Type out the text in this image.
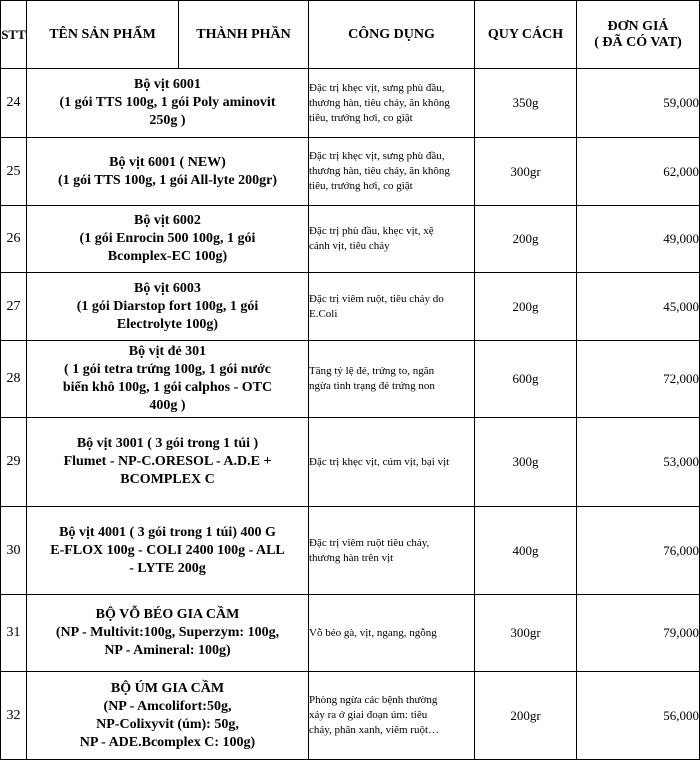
STT	TÊN SẢN PHẨM	THÀNH PHẦN	CÔNG DỤNG	QUY CÁCH	ĐƠN GIÁ
( ĐÃ CÓ VAT)

24	Bộ vịt 6001
(1 gói TTS 100g, 1 gói Poly aminovit
250g )		Đặc trị khẹc vịt, sưng phù đầu,
thương hàn, tiêu chảy, ăn không
tiêu, trướng hơi, co giật	350g	59,000
25	Bộ vịt 6001 ( NEW)
(1 gói TTS 100g, 1 gói All-lyte 200gr)		Đặc trị khẹc vịt, sưng phù đầu,
thương hàn, tiêu chảy, ăn không
tiêu, trướng hơi, co giật	300gr	62,000
26	Bộ vịt 6002
(1 gói Enrocin 500 100g, 1 gói
Bcomplex-EC 100g)		Đặc trị phù đầu, khẹc vịt, xệ
cánh vịt, tiêu chảy	200g	49,000
27	Bộ vịt 6003
(1 gói Diarstop fort 100g, 1 gói
Electrolyte 100g)		Đặc trị viêm ruột, tiêu chảy do
E.Coli	200g	45,000
28	Bộ vịt đẻ 301
( 1 gói tetra trứng 100g, 1 gói nước
biển khô 100g, 1 gói calphos - OTC
400g )		Tăng tỷ lệ đẻ, trứng to, ngăn
ngừa tình trạng đẻ trứng non	600g	72,000
29	Bộ vịt 3001 ( 3 gói trong 1 túi )
Flumet - NP-C.ORESOL - A.D.E +
BCOMPLEX C		Đặc trị khẹc vịt, cúm vịt, bại vịt	300g	53,000
30	Bộ vịt 4001 ( 3 gói trong 1 túi) 400 G
E-FLOX 100g - COLI 2400 100g - ALL
- LYTE 200g		Đặc trị viêm ruột tiêu chảy,
thương hàn trên vịt	400g	76,000
31	BỘ VỖ BÉO GIA CẦM
(NP - Multivit:100g, Superzym: 100g,
NP - Amineral: 100g)		Vỗ béo gà, vịt, ngang, ngỗng	300gr	79,000
32	BỘ ÚM GIA CẦM
(NP - Amcolifort:50g,
NP-Colixyvit (úm): 50g,
NP - ADE.Bcomplex C: 100g)		Phòng ngừa các bệnh thường
xảy ra ở giai đoạn úm: tiêu
chảy, phân xanh, viêm ruột…	200gr	56,000
